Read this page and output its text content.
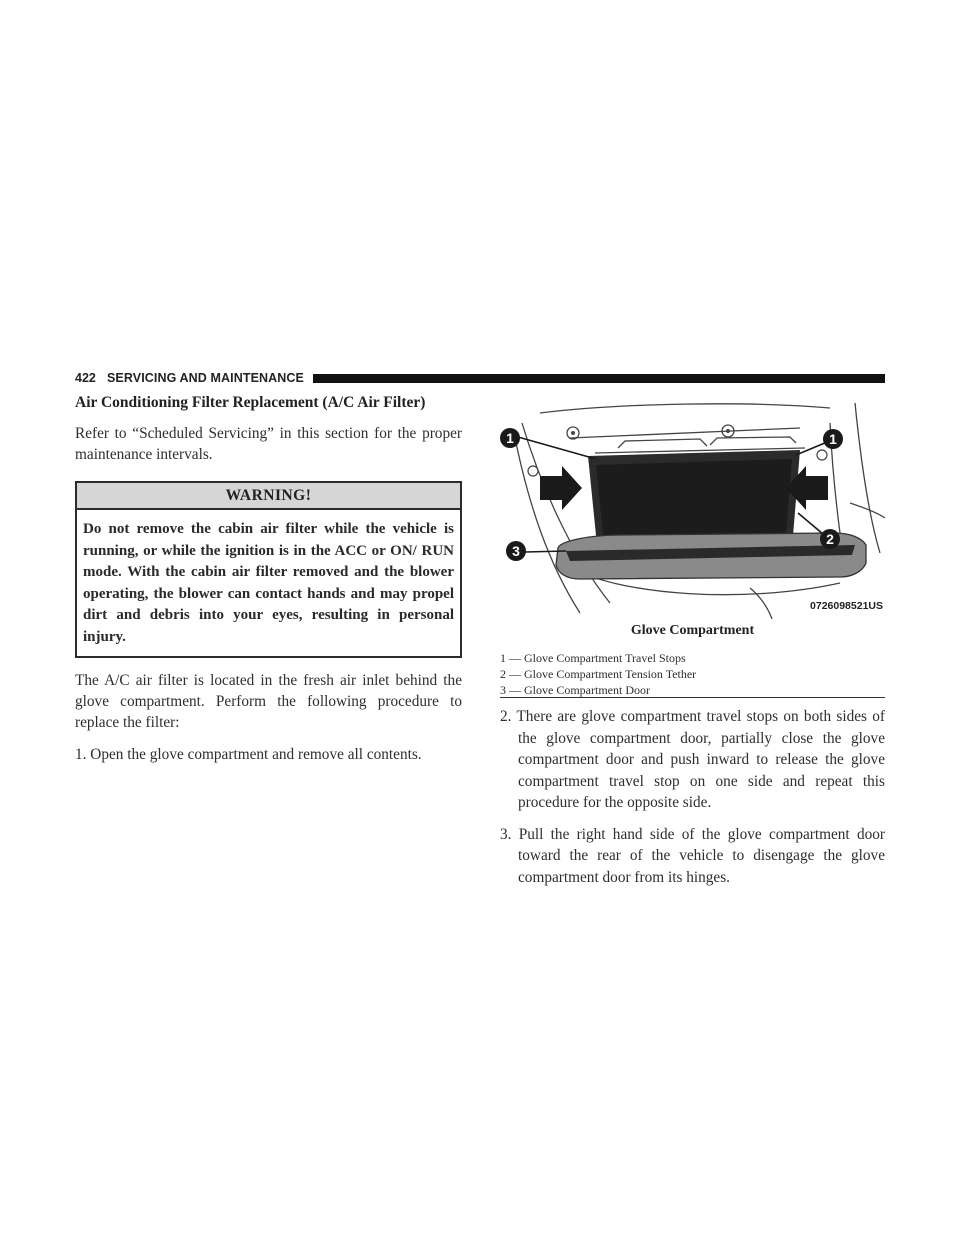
422 SERVICING AND MAINTENANCE
Air Conditioning Filter Replacement (A/C Air Filter)

Refer to “Scheduled Servicing” in this section for the proper maintenance intervals.

WARNING!
Do not remove the cabin air filter while the vehicle is running, or while the ignition is in the ACC or ON/ RUN mode. With the cabin air filter removed and the blower operating, the blower can contact hands and may propel dirt and debris into your eyes, resulting in personal injury.

The A/C air filter is located in the fresh air inlet behind the glove compartment. Perform the following procedure to replace the filter:

1. Open the glove compartment and remove all contents.

1	1
2
3
0726098521US
Glove Compartment
1 — Glove Compartment Travel Stops
2 — Glove Compartment Tension Tether
3 — Glove Compartment Door

2. There are glove compartment travel stops on both sides of the glove compartment door, partially close the glove compartment door and push inward to release the glove compartment travel stop on one side and repeat this procedure for the opposite side.

3. Pull the right hand side of the glove compartment door toward the rear of the vehicle to disengage the glove compartment door from its hinges.
